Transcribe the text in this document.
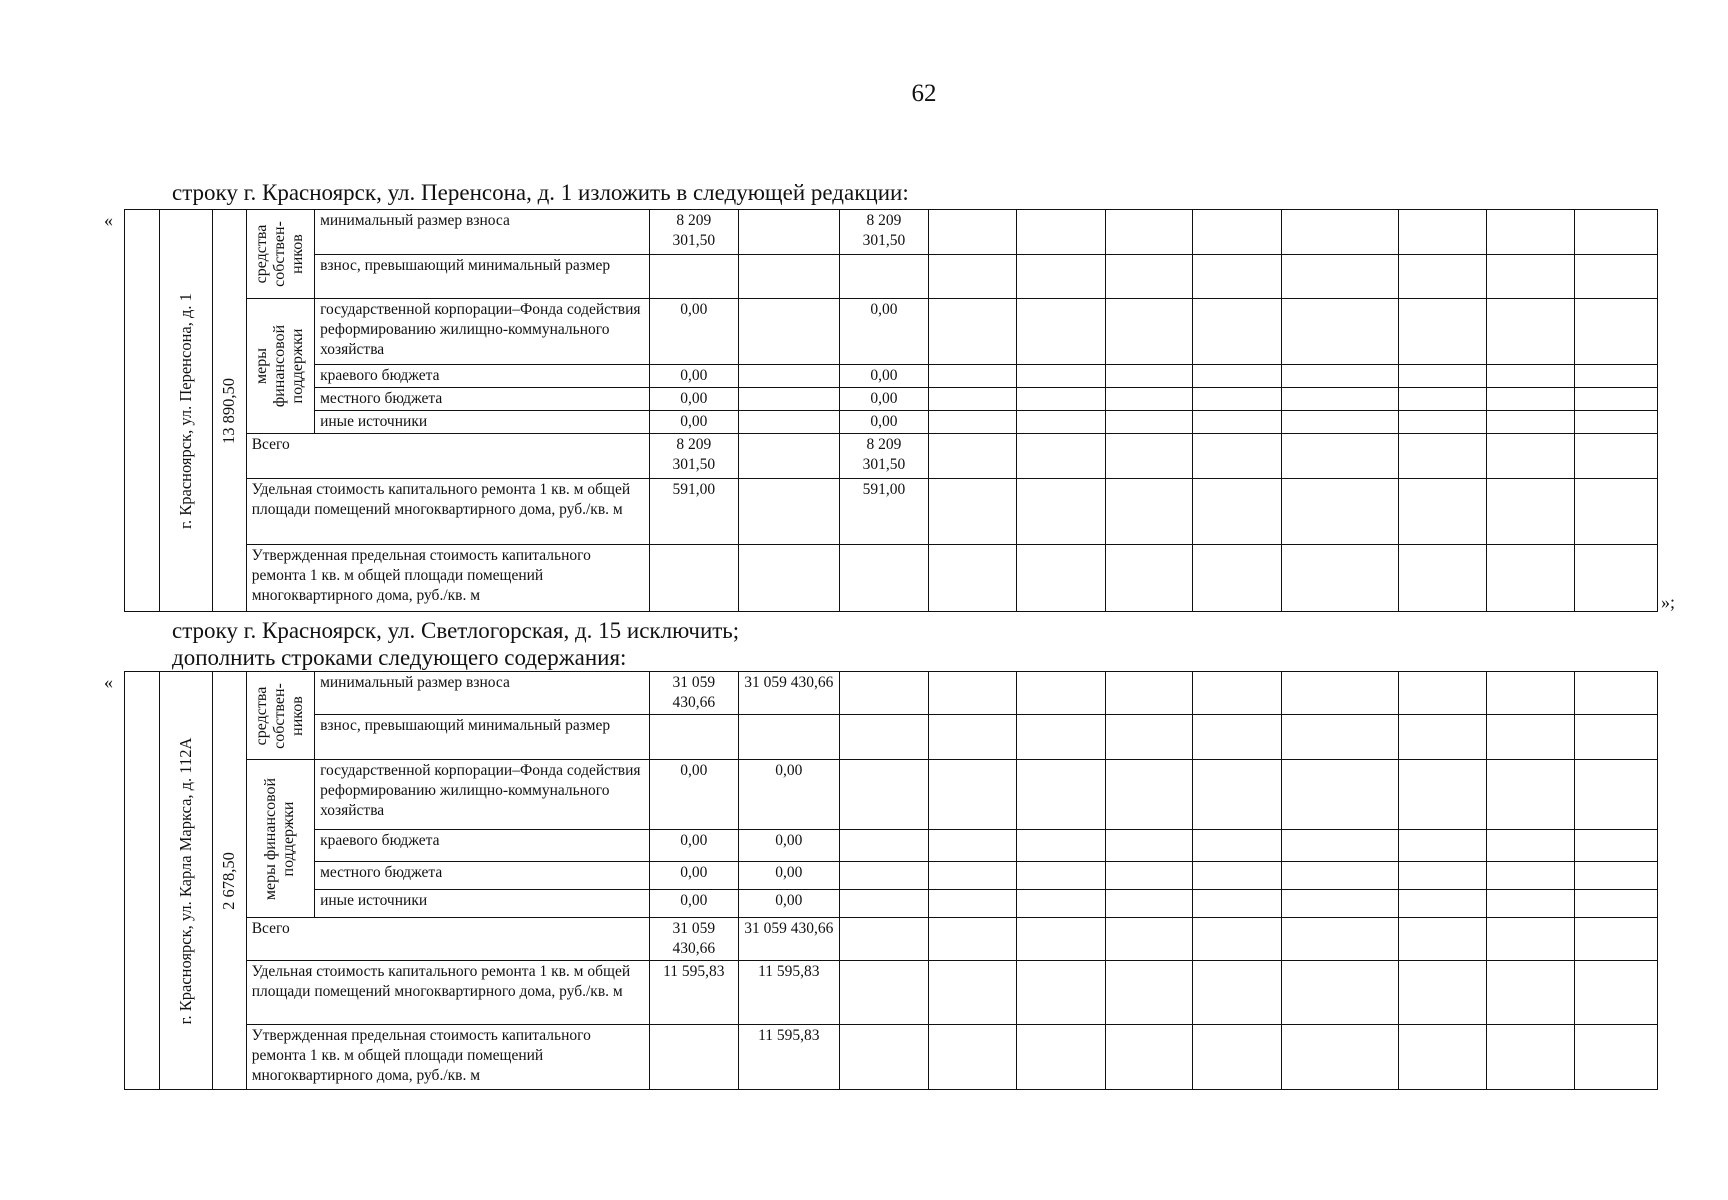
62
строку г. Красноярск, ул. Перенсона, д. 1 изложить в следующей редакции:
«

	г. Красноярск, ул. Перенсона, д. 1	13 890,50	средства собствен- ников	минимальный размер взноса	8 209 301,50		8 209 301,50								
				взнос, превышающий минимальный размер											

			меры финансовой поддержки	государственной корпорации–Фонда содействия реформированию жилищно-коммунального хозяйства	0,00		0,00								
				краевого бюджета	0,00		0,00								
				местного бюджета	0,00		0,00								
				иные источники	0,00		0,00								
			Всего		8 209 301,50		8 209 301,50								
			Удельная стоимость капитального ремонта 1 кв. м общей площади помещений многоквартирного дома, руб./кв. м		591,00		591,00								
			Утвержденная предельная стоимость капитального ремонта 1 кв. м общей площади помещений многоквартирного дома, руб./кв. м													»;
строку г. Красноярск, ул. Светлогорская, д. 15 исключить;
дополнить строками следующего содержания:
«

	г. Красноярск, ул. Карла Маркса, д. 112А	2 678,50	средства собствен- ников	минимальный размер взноса	31 059 430,66	31 059 430,66									
				взнос, превышающий минимальный размер											

			меры финансовой поддержки	государственной корпорации–Фонда содействия реформированию жилищно-коммунального хозяйства	0,00	0,00									
				краевого бюджета	0,00	0,00									
				местного бюджета	0,00	0,00									
				иные источники	0,00	0,00									
			Всего		31 059 430,66	31 059 430,66									
			Удельная стоимость капитального ремонта 1 кв. м общей площади помещений многоквартирного дома, руб./кв. м		11 595,83	11 595,83									
			Утвержденная предельная стоимость капитального ремонта 1 кв. м общей площади помещений многоквартирного дома, руб./кв. м			11 595,83									
